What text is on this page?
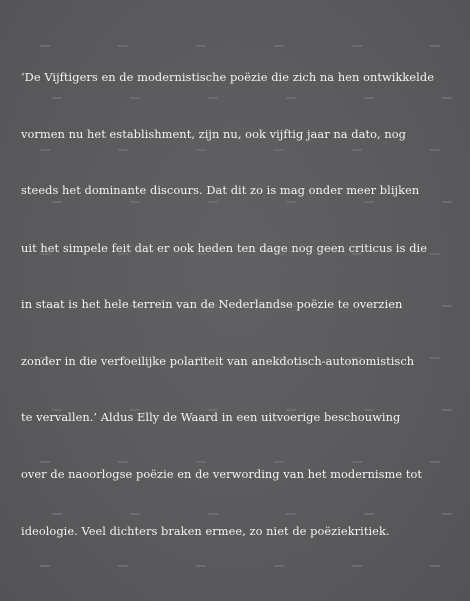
‘De Vijftigers en de modernistische poëzie die zich na hen ontwikkelde
vormen nu het establishment, zijn nu, ook vijftig jaar na dato, nog
steeds het dominante discours. Dat dit zo is mag onder meer blijken
uit het simpele feit dat er ook heden ten dage nog geen criticus is die
in staat is het hele terrein van de Nederlandse poëzie te overzien
zonder in die verfoeilijke polariteit van anekdotisch-autonomistisch
te vervallen.’ Aldus Elly de Waard in een uitvoerige beschouwing
over de naoorlogse poëzie en de verwording van het modernisme tot
ideologie. Veel dichters braken ermee, zo niet de poëziekritiek.
